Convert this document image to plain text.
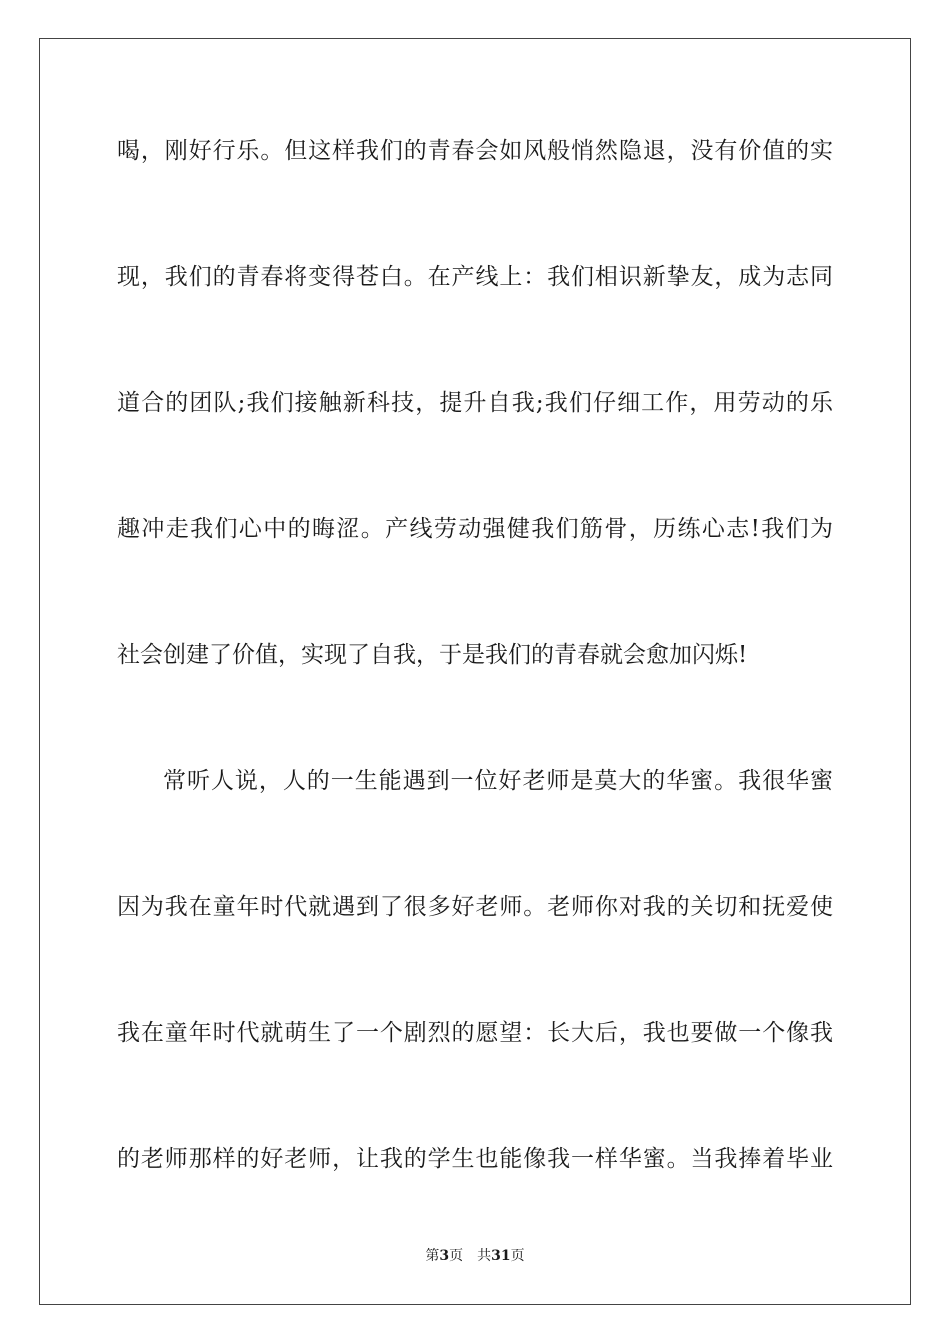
喝，刚好行乐。但这样我们的青春会如风般悄然隐退，没有价值的实
现，我们的青春将变得苍白。在产线上：我们相识新挚友，成为志同
道合的团队;我们接触新科技，提升自我;我们仔细工作，用劳动的乐
趣冲走我们心中的晦涩。产线劳动强健我们筋骨，历练心志!我们为
社会创建了价值，实现了自我，于是我们的青春就会愈加闪烁!
常听人说，人的一生能遇到一位好老师是莫大的华蜜。我很华蜜
因为我在童年时代就遇到了很多好老师。老师你对我的关切和抚爱使
我在童年时代就萌生了一个剧烈的愿望：长大后，我也要做一个像我
的老师那样的好老师，让我的学生也能像我一样华蜜。当我捧着毕业
第3页 共31页
